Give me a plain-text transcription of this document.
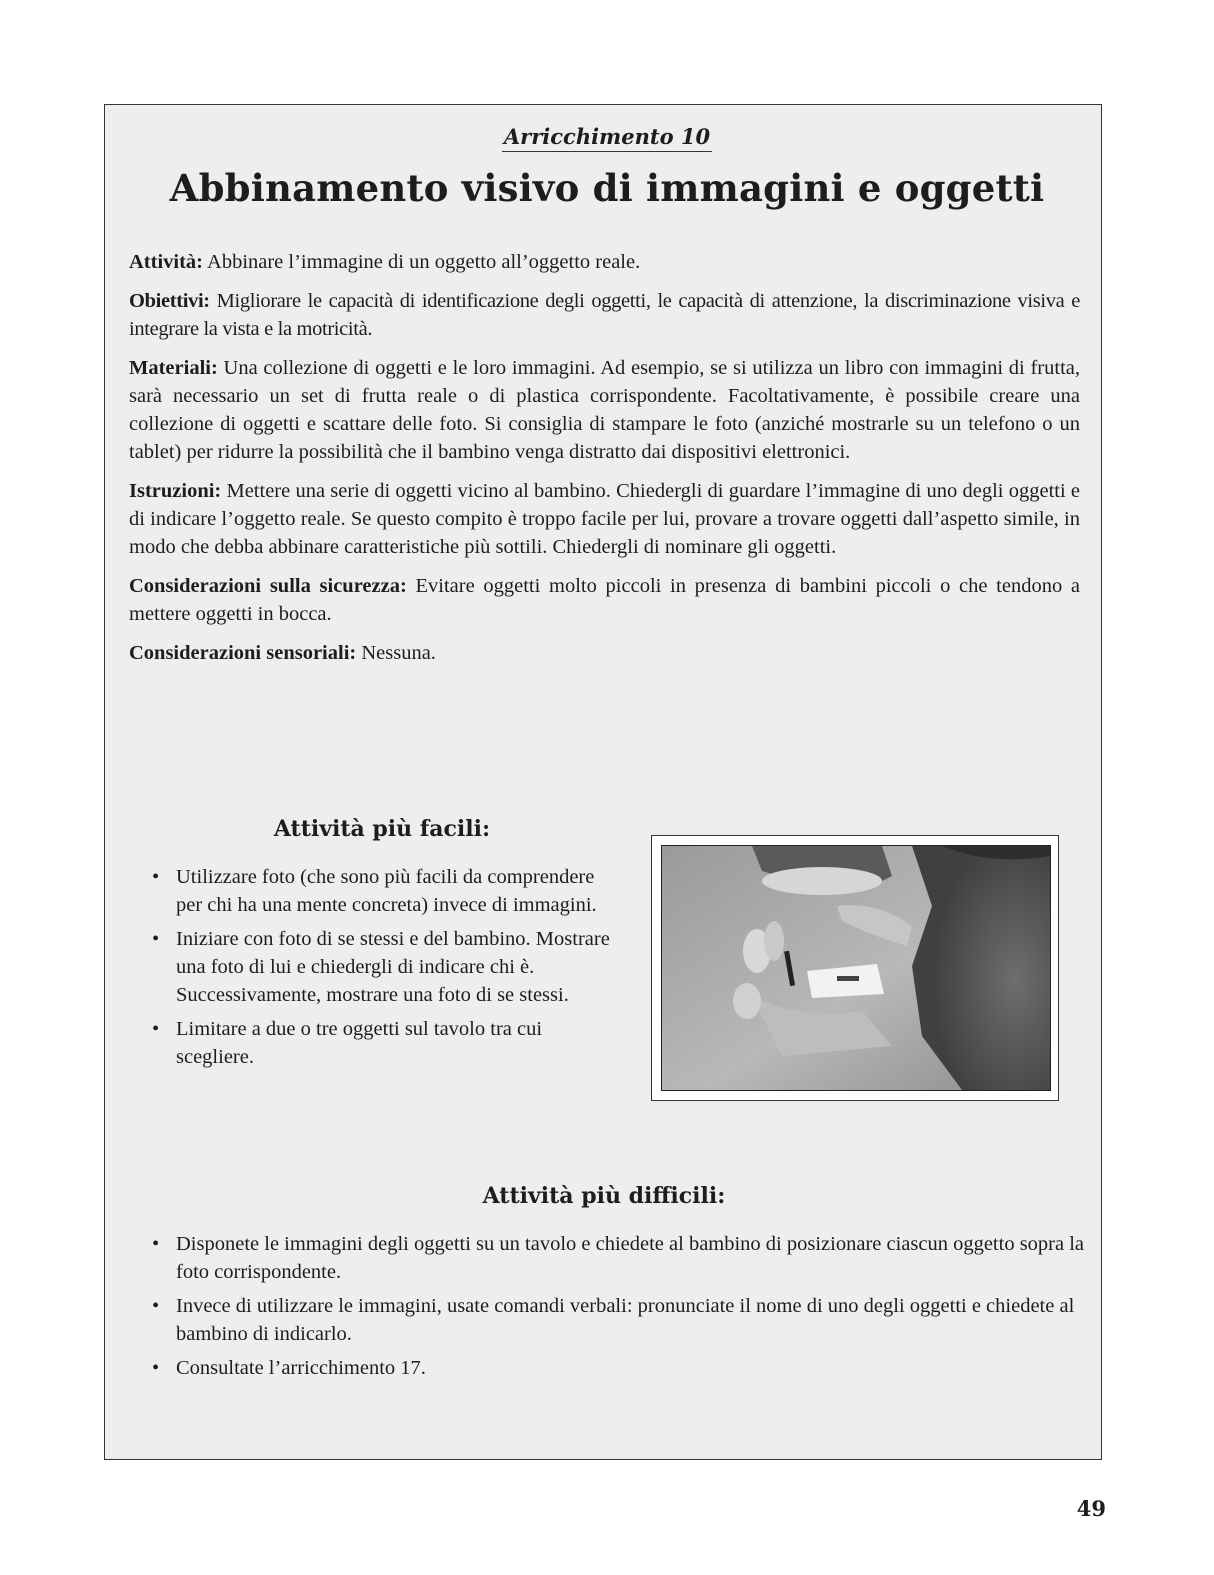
Arricchimento 10
Abbinamento visivo di immagini e oggetti

Attività: Abbinare l’immagine di un oggetto all’oggetto reale.

Obiettivi: Migliorare le capacità di identificazione degli oggetti, le capacità di attenzione, la discriminazione visiva e integrare la vista e la motricità.

Materiali: Una collezione di oggetti e le loro immagini. Ad esempio, se si utilizza un libro con immagini di frutta, sarà necessario un set di frutta reale o di plastica corrispondente. Facoltativamente, è possibile creare una collezione di oggetti e scattare delle foto. Si consiglia di stampare le foto (anziché mostrarle su un telefono o un tablet) per ridurre la possibilità che il bambino venga distratto dai dispositivi elettronici.

Istruzioni: Mettere una serie di oggetti vicino al bambino. Chiedergli di guardare l’immagine di uno degli oggetti e di indicare l’oggetto reale. Se questo compito è troppo facile per lui, provare a trovare oggetti dall’aspetto simile, in modo che debba abbinare caratteristiche più sottili. Chiedergli di nominare gli oggetti.

Considerazioni sulla sicurezza: Evitare oggetti molto piccoli in presenza di bambini piccoli o che tendono a mettere oggetti in bocca.

Considerazioni sensoriali: Nessuna.

Attività più facili:
• Utilizzare foto (che sono più facili da comprendere per chi ha una mente concreta) invece di immagini.
• Iniziare con foto di se stessi e del bambino. Mostrare una foto di lui e chiedergli di indicare chi è. Successivamente, mostrare una foto di se stessi.
• Limitare a due o tre oggetti sul tavolo tra cui scegliere.
Attività più difficili:
• Disponete le immagini degli oggetti su un tavolo e chiedete al bambino di posizionare ciascun oggetto sopra la foto corrispondente.
• Invece di utilizzare le immagini, usate comandi verbali: pronunciate il nome di uno degli oggetti e chiedete al bambino di indicarlo.
• Consultate l’arricchimento 17.
49
